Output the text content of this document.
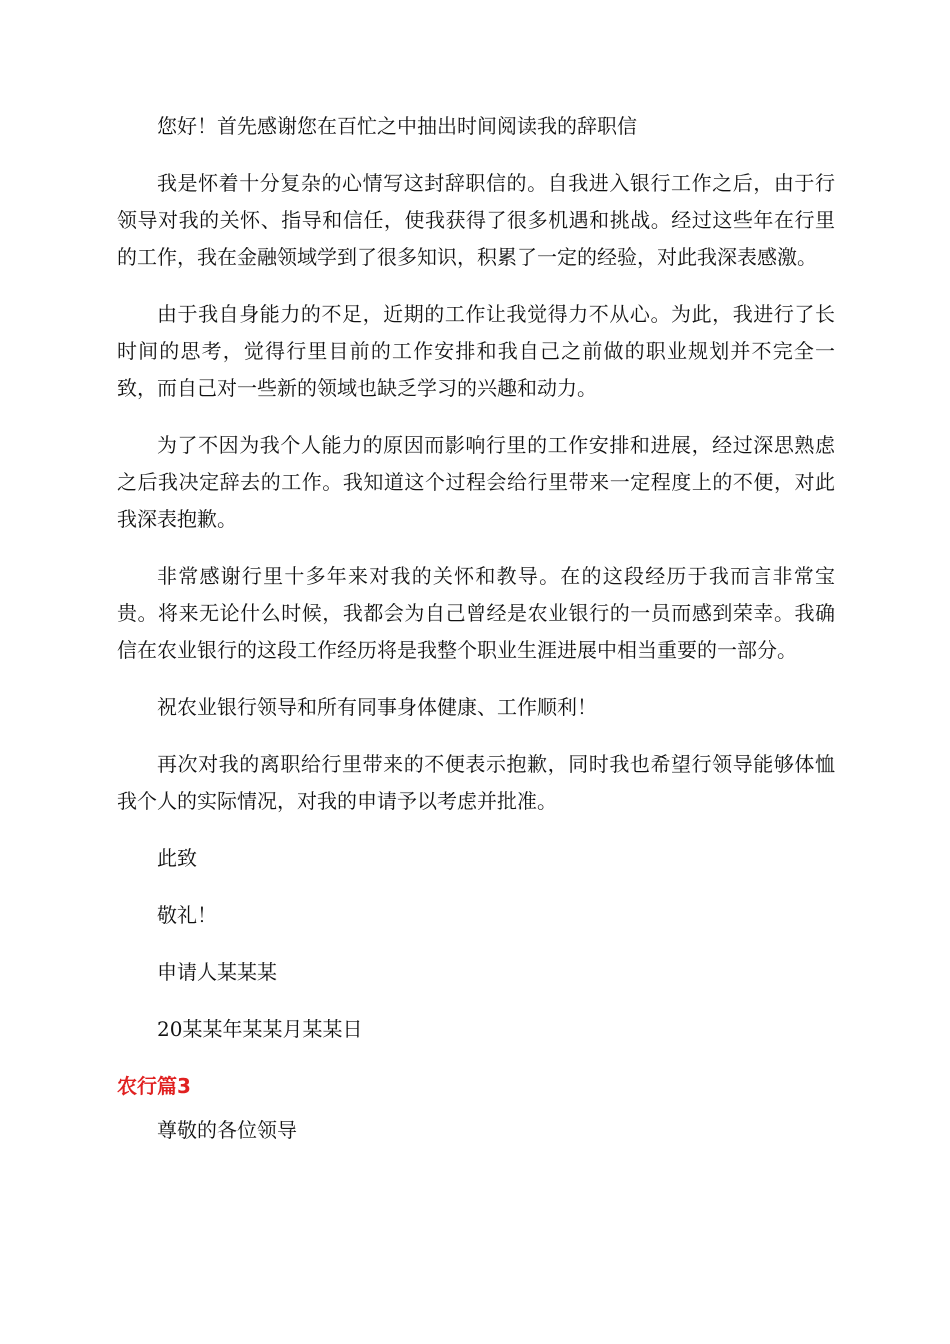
您好！首先感谢您在百忙之中抽出时间阅读我的辞职信

我是怀着十分复杂的心情写这封辞职信的。自我进入银行工作之后，由于行领导对我的关怀、指导和信任，使我获得了很多机遇和挑战。经过这些年在行里的工作，我在金融领域学到了很多知识，积累了一定的经验，对此我深表感激。

由于我自身能力的不足，近期的工作让我觉得力不从心。为此，我进行了长时间的思考，觉得行里目前的工作安排和我自己之前做的职业规划并不完全一致，而自己对一些新的领域也缺乏学习的兴趣和动力。

为了不因为我个人能力的原因而影响行里的工作安排和进展，经过深思熟虑之后我决定辞去的工作。我知道这个过程会给行里带来一定程度上的不便，对此我深表抱歉。

非常感谢行里十多年来对我的关怀和教导。在的这段经历于我而言非常宝贵。将来无论什么时候，我都会为自己曾经是农业银行的一员而感到荣幸。我确信在农业银行的这段工作经历将是我整个职业生涯进展中相当重要的一部分。

祝农业银行领导和所有同事身体健康、工作顺利！

再次对我的离职给行里带来的不便表示抱歉，同时我也希望行领导能够体恤我个人的实际情况，对我的申请予以考虑并批准。

此致

敬礼！

申请人某某某

20某某年某某月某某日

农行篇3

尊敬的各位领导
